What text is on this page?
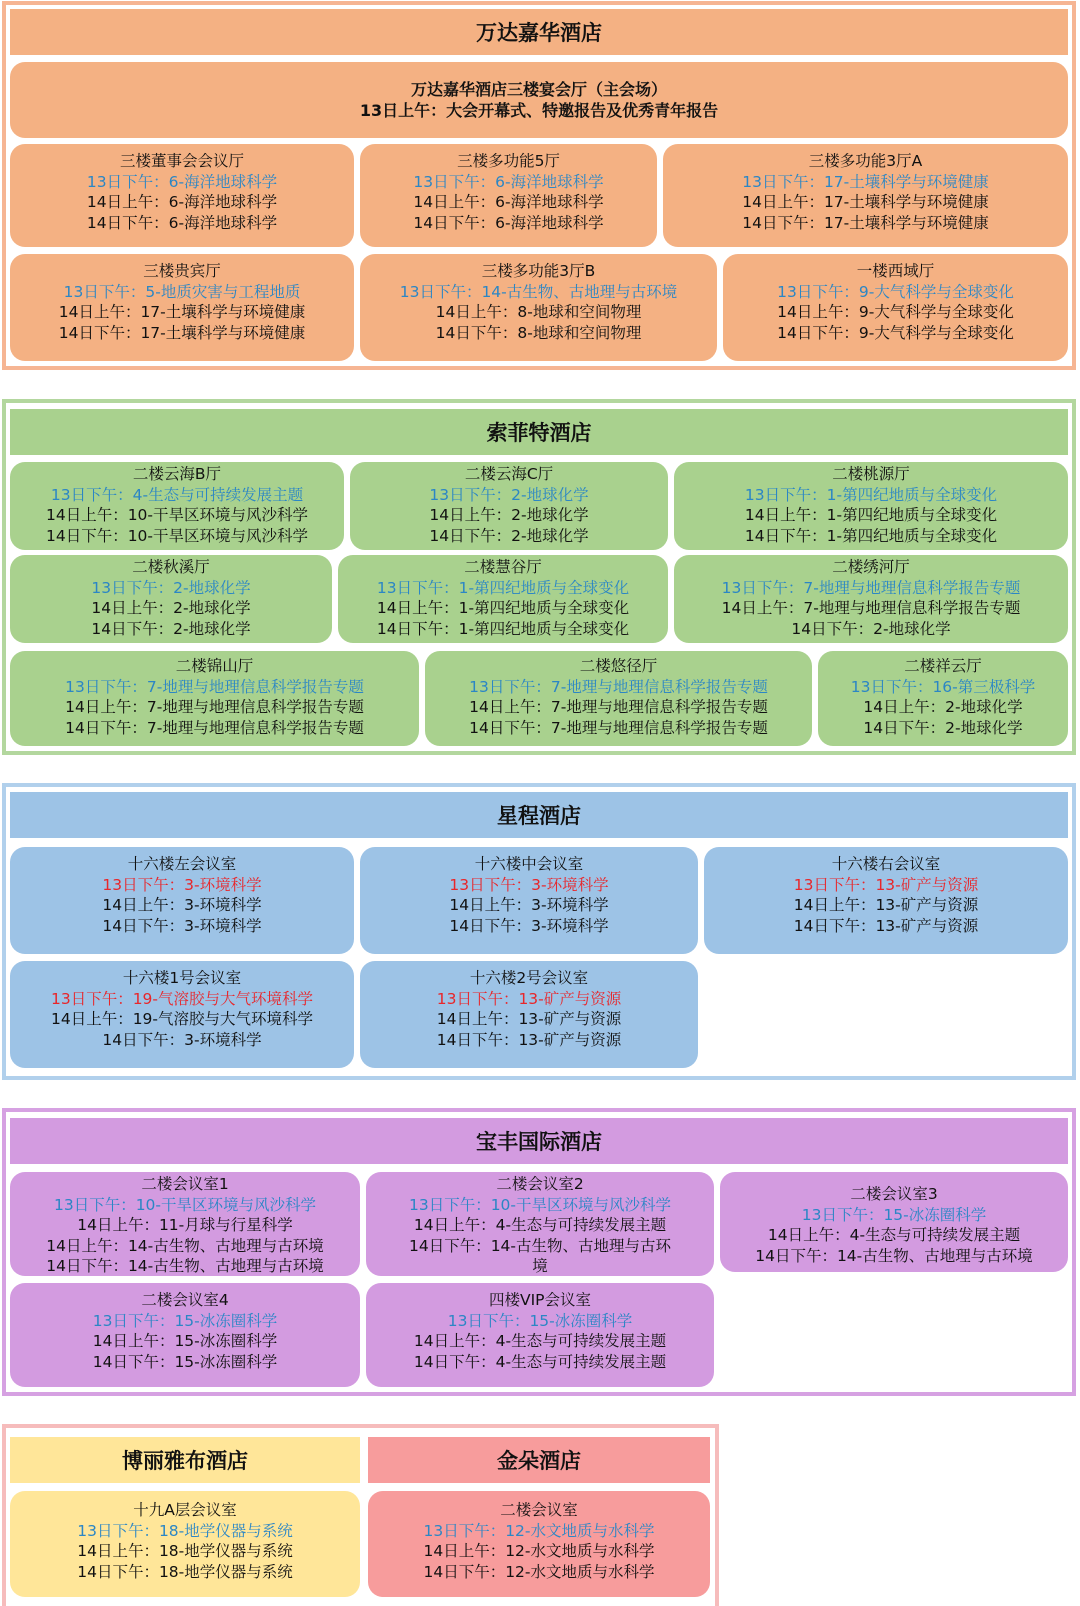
万达嘉华酒店
万达嘉华酒店三楼宴会厅（主会场）
13日上午：大会开幕式、特邀报告及优秀青年报告
三楼董事会会议厅
13日下午：6-海洋地球科学
14日上午：6-海洋地球科学
14日下午：6-海洋地球科学
三楼多功能5厅
13日下午：6-海洋地球科学
14日上午：6-海洋地球科学
14日下午：6-海洋地球科学
三楼多功能3厅A
13日下午：17-土壤科学与环境健康
14日上午：17-土壤科学与环境健康
14日下午：17-土壤科学与环境健康
三楼贵宾厅
13日下午：5-地质灾害与工程地质
14日上午：17-土壤科学与环境健康
14日下午：17-土壤科学与环境健康
三楼多功能3厅B
13日下午：14-古生物、古地理与古环境
14日上午：8-地球和空间物理
14日下午：8-地球和空间物理
一楼西域厅
13日下午：9-大气科学与全球变化
14日上午：9-大气科学与全球变化
14日下午：9-大气科学与全球变化
索菲特酒店
二楼云海B厅
13日下午：4-生态与可持续发展主题
14日上午：10-干旱区环境与风沙科学
14日下午：10-干旱区环境与风沙科学
二楼云海C厅
13日下午：2-地球化学
14日上午：2-地球化学
14日下午：2-地球化学
二楼桃源厅
13日下午：1-第四纪地质与全球变化
14日上午：1-第四纪地质与全球变化
14日下午：1-第四纪地质与全球变化
二楼秋溪厅
13日下午：2-地球化学
14日上午：2-地球化学
14日下午：2-地球化学
二楼慧谷厅
13日下午：1-第四纪地质与全球变化
14日上午：1-第四纪地质与全球变化
14日下午：1-第四纪地质与全球变化
二楼绣河厅
13日下午：7-地理与地理信息科学报告专题
14日上午：7-地理与地理信息科学报告专题
14日下午：2-地球化学
二楼锦山厅
13日下午：7-地理与地理信息科学报告专题
14日上午：7-地理与地理信息科学报告专题
14日下午：7-地理与地理信息科学报告专题
二楼悠径厅
13日下午：7-地理与地理信息科学报告专题
14日上午：7-地理与地理信息科学报告专题
14日下午：7-地理与地理信息科学报告专题
二楼祥云厅
13日下午：16-第三极科学
14日上午：2-地球化学
14日下午：2-地球化学
星程酒店
十六楼左会议室
13日下午：3-环境科学
14日上午：3-环境科学
14日下午：3-环境科学
十六楼中会议室
13日下午：3-环境科学
14日上午：3-环境科学
14日下午：3-环境科学
十六楼右会议室
13日下午：13-矿产与资源
14日上午：13-矿产与资源
14日下午：13-矿产与资源
十六楼1号会议室
13日下午：19-气溶胶与大气环境科学
14日上午：19-气溶胶与大气环境科学
14日下午：3-环境科学
十六楼2号会议室
13日下午：13-矿产与资源
14日上午：13-矿产与资源
14日下午：13-矿产与资源
宝丰国际酒店
二楼会议室1
13日下午：10-干旱区环境与风沙科学
14日上午：11-月球与行星科学
14日上午：14-古生物、古地理与古环境
14日下午：14-古生物、古地理与古环境
二楼会议室2
13日下午：10-干旱区环境与风沙科学
14日上午：4-生态与可持续发展主题
14日下午：14-古生物、古地理与古环
境
二楼会议室3
13日下午：15-冰冻圈科学
14日上午：4-生态与可持续发展主题
14日下午：14-古生物、古地理与古环境
二楼会议室4
13日下午：15-冰冻圈科学
14日上午：15-冰冻圈科学
14日下午：15-冰冻圈科学
四楼VIP会议室
13日下午：15-冰冻圈科学
14日上午：4-生态与可持续发展主题
14日下午：4-生态与可持续发展主题
博丽雅布酒店	金朵酒店
十九A层会议室
13日下午：18-地学仪器与系统
14日上午：18-地学仪器与系统
14日下午：18-地学仪器与系统
二楼会议室
13日下午：12-水文地质与水科学
14日上午：12-水文地质与水科学
14日下午：12-水文地质与水科学
